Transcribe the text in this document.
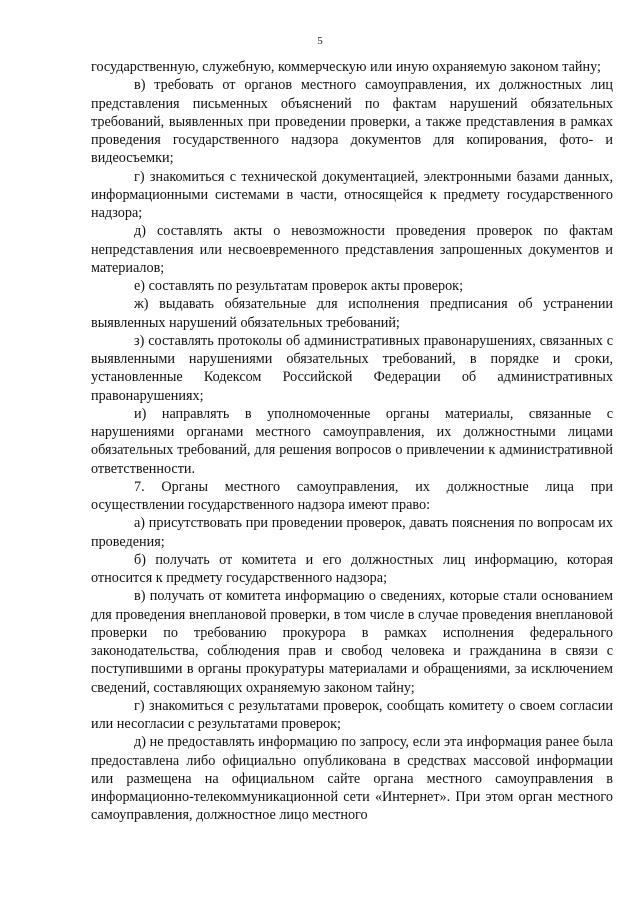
5

государственную, служебную, коммерческую или иную охраняемую законом тайну;

в) требовать от органов местного самоуправления, их должностных лиц представления письменных объяснений по фактам нарушений обязательных требований, выявленных при проведении проверки, а также представления в рамках проведения государственного надзора документов для копирования, фото- и видеосъемки;

г) знакомиться с технической документацией, электронными базами данных, информационными системами в части, относящейся к предмету государственного надзора;

д) составлять акты о невозможности проведения проверок по фактам непредставления или несвоевременного представления запрошенных документов и материалов;

е) составлять по результатам проверок акты проверок;

ж) выдавать обязательные для исполнения предписания об устранении выявленных нарушений обязательных требований;

з) составлять протоколы об административных правонарушениях, связанных с выявленными нарушениями обязательных требований, в порядке и сроки, установленные Кодексом Российской Федерации об административных правонарушениях;

и) направлять в уполномоченные органы материалы, связанные с нарушениями органами местного самоуправления, их должностными лицами обязательных требований, для решения вопросов о привлечении к административной ответственности.

7. Органы местного самоуправления, их должностные лица при осуществлении государственного надзора имеют право:

а) присутствовать при проведении проверок, давать пояснения по вопросам их проведения;

б) получать от комитета и его должностных лиц информацию, которая относится к предмету государственного надзора;

в) получать от комитета информацию о сведениях, которые стали основанием для проведения внеплановой проверки, в том числе в случае проведения внеплановой проверки по требованию прокурора в рамках исполнения федерального законодательства, соблюдения прав и свобод человека и гражданина в связи с поступившими в органы прокуратуры материалами и обращениями, за исключением сведений, составляющих охраняемую законом тайну;

г) знакомиться с результатами проверок, сообщать комитету о своем согласии или несогласии с результатами проверок;

д) не предоставлять информацию по запросу, если эта информация ранее была предоставлена либо официально опубликована в средствах массовой информации или размещена на официальном сайте органа местного самоуправления в информационно-телекоммуникационной сети «Интернет». При этом орган местного самоуправления, должностное лицо местного
